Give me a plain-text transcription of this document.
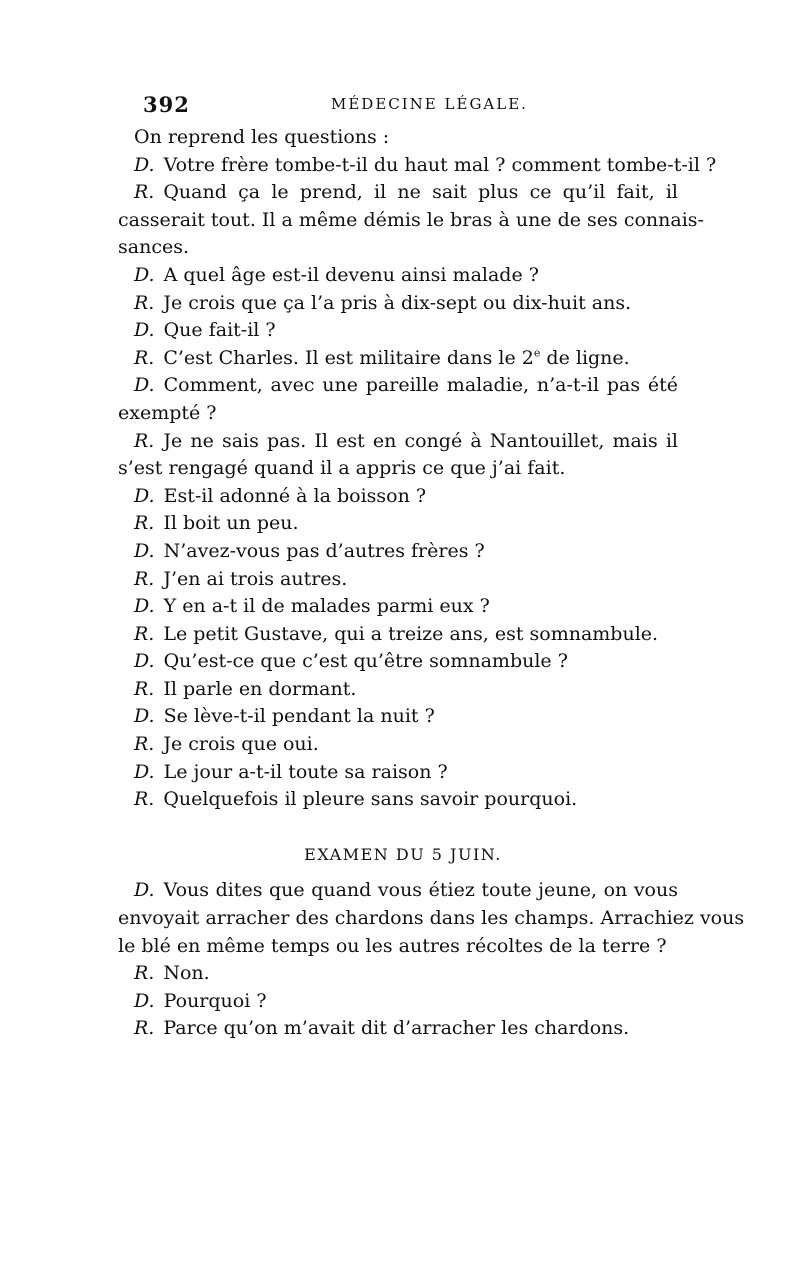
392	MÉDECINE LÉGALE.
On reprend les questions :
D. Votre frère tombe-t-il du haut mal ? comment tombe-t-il ?
R. Quand ça le prend, il ne sait plus ce qu’il fait, il
casserait tout. Il a même démis le bras à une de ses connais-
sances.
D. A quel âge est-il devenu ainsi malade ?
R. Je crois que ça l’a pris à dix-sept ou dix-huit ans.
D. Que fait-il ?
R. C’est Charles. Il est militaire dans le 2e de ligne.
D. Comment, avec une pareille maladie, n’a-t-il pas été
exempté ?
R. Je ne sais pas. Il est en congé à Nantouillet, mais il
s’est rengagé quand il a appris ce que j’ai fait.
D. Est-il adonné à la boisson ?
R. Il boit un peu.
D. N’avez-vous pas d’autres frères ?
R. J’en ai trois autres.
D. Y en a-t il de malades parmi eux ?
R. Le petit Gustave, qui a treize ans, est somnambule.
D. Qu’est-ce que c’est qu’être somnambule ?
R. Il parle en dormant.
D. Se lève-t-il pendant la nuit ?
R. Je crois que oui.
D. Le jour a-t-il toute sa raison ?
R. Quelquefois il pleure sans savoir pourquoi.
EXAMEN DU 5 JUIN.
D. Vous dites que quand vous étiez toute jeune, on vous
envoyait arracher des chardons dans les champs. Arrachiez vous
le blé en même temps ou les autres récoltes de la terre ?
R. Non.
D. Pourquoi ?
R. Parce qu’on m’avait dit d’arracher les chardons.
